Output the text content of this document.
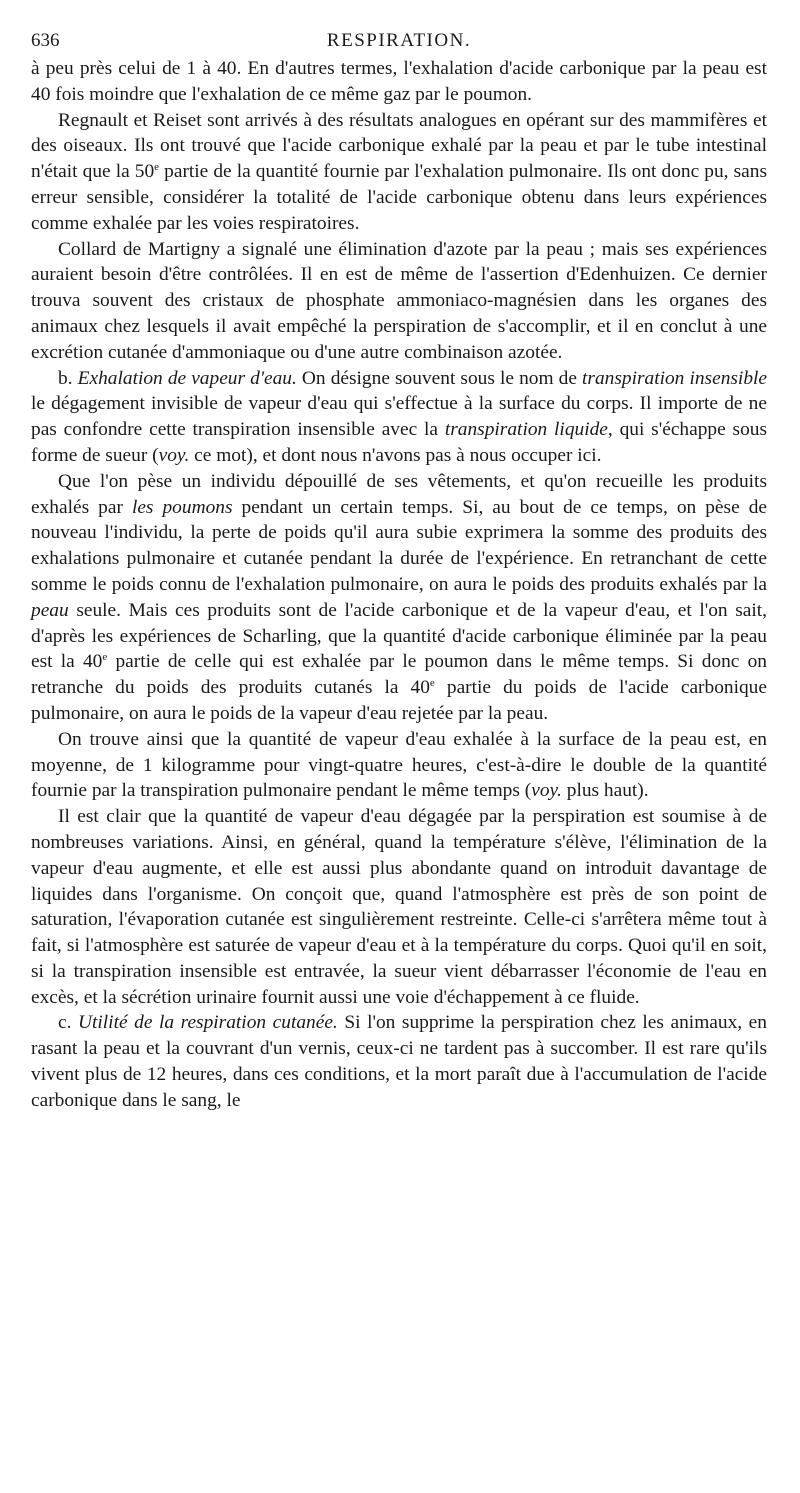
636	RESPIRATION.

à peu près celui de 1 à 40. En d'autres termes, l'exhalation d'acide carbonique par la peau est 40 fois moindre que l'exhalation de ce même gaz par le poumon.

Regnault et Reiset sont arrivés à des résultats analogues en opérant sur des mammifères et des oiseaux. Ils ont trouvé que l'acide carbonique exhalé par la peau et par le tube intestinal n'était que la 50e partie de la quantité fournie par l'exhalation pulmonaire. Ils ont donc pu, sans erreur sensible, considérer la totalité de l'acide carbonique obtenu dans leurs expériences comme exhalée par les voies respiratoires.

Collard de Martigny a signalé une élimination d'azote par la peau ; mais ses expériences auraient besoin d'être contrôlées. Il en est de même de l'assertion d'Edenhuizen. Ce dernier trouva souvent des cristaux de phosphate ammoniaco-magnésien dans les organes des animaux chez lesquels il avait empêché la perspiration de s'accomplir, et il en conclut à une excrétion cutanée d'ammoniaque ou d'une autre combinaison azotée.

b. Exhalation de vapeur d'eau. On désigne souvent sous le nom de transpiration insensible le dégagement invisible de vapeur d'eau qui s'effectue à la surface du corps. Il importe de ne pas confondre cette transpiration insensible avec la transpiration liquide, qui s'échappe sous forme de sueur (voy. ce mot), et dont nous n'avons pas à nous occuper ici.

Que l'on pèse un individu dépouillé de ses vêtements, et qu'on recueille les produits exhalés par les poumons pendant un certain temps. Si, au bout de ce temps, on pèse de nouveau l'individu, la perte de poids qu'il aura subie exprimera la somme des produits des exhalations pulmonaire et cutanée pendant la durée de l'expérience. En retranchant de cette somme le poids connu de l'exhalation pulmonaire, on aura le poids des produits exhalés par la peau seule. Mais ces produits sont de l'acide carbonique et de la vapeur d'eau, et l'on sait, d'après les expériences de Scharling, que la quantité d'acide carbonique éliminée par la peau est la 40e partie de celle qui est exhalée par le poumon dans le même temps. Si donc on retranche du poids des produits cutanés la 40e partie du poids de l'acide carbonique pulmonaire, on aura le poids de la vapeur d'eau rejetée par la peau.

On trouve ainsi que la quantité de vapeur d'eau exhalée à la surface de la peau est, en moyenne, de 1 kilogramme pour vingt-quatre heures, c'est-à-dire le double de la quantité fournie par la transpiration pulmonaire pendant le même temps (voy. plus haut).

Il est clair que la quantité de vapeur d'eau dégagée par la perspiration est soumise à de nombreuses variations. Ainsi, en général, quand la température s'élève, l'élimination de la vapeur d'eau augmente, et elle est aussi plus abondante quand on introduit davantage de liquides dans l'organisme. On conçoit que, quand l'atmosphère est près de son point de saturation, l'évaporation cutanée est singulièrement restreinte. Celle-ci s'arrêtera même tout à fait, si l'atmosphère est saturée de vapeur d'eau et à la température du corps. Quoi qu'il en soit, si la transpiration insensible est entravée, la sueur vient débarrasser l'économie de l'eau en excès, et la sécrétion urinaire fournit aussi une voie d'échappement à ce fluide.

c. Utilité de la respiration cutanée. Si l'on supprime la perspiration chez les animaux, en rasant la peau et la couvrant d'un vernis, ceux-ci ne tardent pas à succomber. Il est rare qu'ils vivent plus de 12 heures, dans ces conditions, et la mort paraît due à l'accumulation de l'acide carbonique dans le sang, le
